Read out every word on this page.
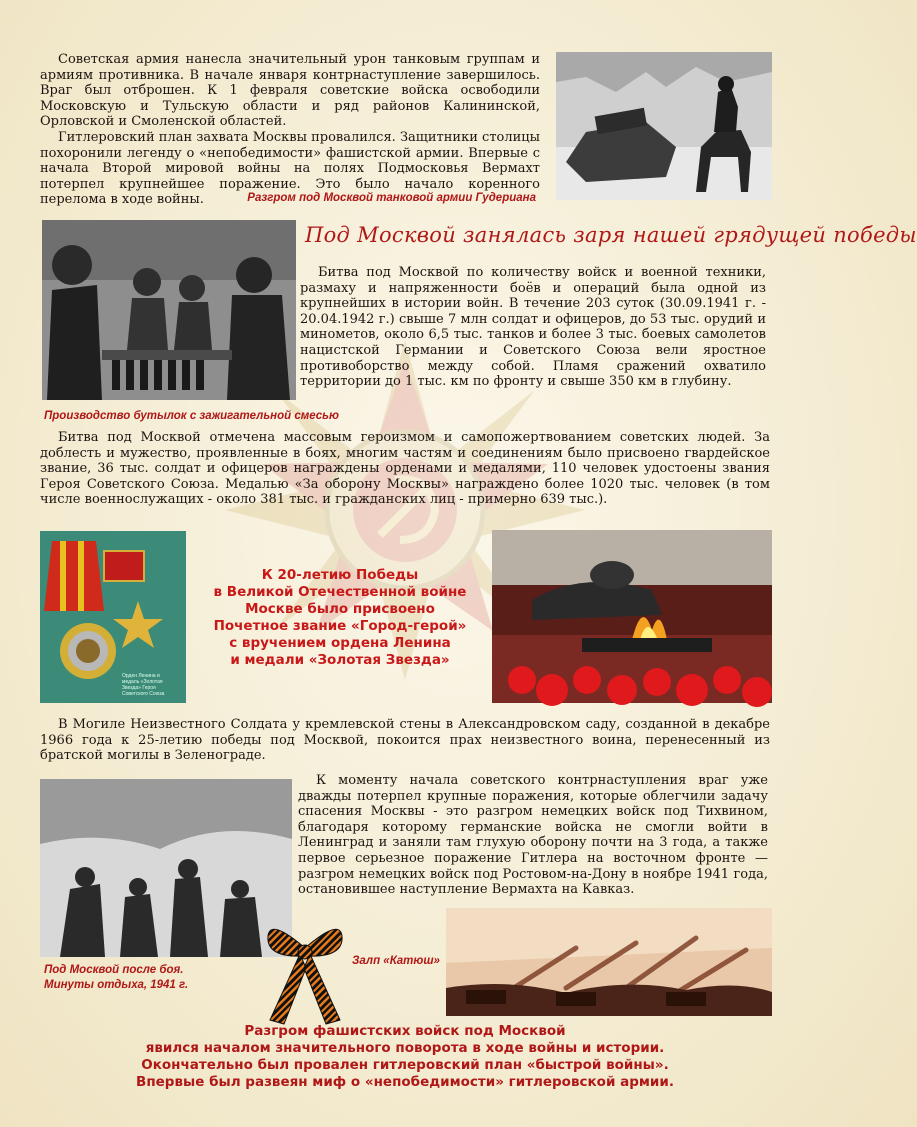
Советская армия нанесла значительный урон танковым группам и армиям противника. В начале января контрнаступление завершилось. Враг был отброшен. К 1 февраля советские войска освободили Московскую и Тульскую области и ряд районов Калининской, Орловской и Смоленской областей.

Гитлеровский план захвата Москвы провалился. Защитники столицы похоронили легенду о «непобедимости» фашистской армии. Впервые с начала Второй мировой войны на полях Подмосковья Вермахт потерпел крупнейшее поражение. Это было начало коренного перелома в ходе войны.	Разгром под Москвой танковой армии Гудериана
Под Москвой занялась заря нашей грядущей победы

Битва под Москвой по количеству войск и военной техники, размаху и напряженности боёв и операций была одной из крупнейших в истории войн. В течение 203 суток (30.09.1941 г. - 20.04.1942 г.) свыше 7 млн солдат и офицеров, до 53 тыс. орудий и минометов, около 6,5 тыс. танков и более 3 тыс. боевых самолетов нацистской Германии и Советского Союза вели яростное противоборство между собой. Пламя сражений охватило территории до 1 тыс. км по фронту и свыше 350 км в глубину.

Производство бутылок с зажигательной смесью

Битва под Москвой отмечена массовым героизмом и самопожертвованием советских людей. За доблесть и мужество, проявленные в боях, многим частям и соединениям было присвоено гвардейское звание, 36 тыс. солдат и офицеров награждены орденами и медалями, 110 человек удостоены звания Героя Советского Союза. Медалью «За оборону Москвы» награждено более 1020 тыс. человек (в том числе военнослужащих - около 381 тыс. и гражданских лиц - примерно 639 тыс.).

Орден Ленина и
медаль «Золотая
Звезда» Героя
Советского Союза
К 20-летию Победы
в Великой Отечественной войне
Москве было присвоено
Почетное звание «Город-герой»
с вручением ордена Ленина
и медали «Золотая Звезда»

В Могиле Неизвестного Солдата у кремлевской стены в Александровском саду, созданной в декабре 1966 года к 25-летию победы под Москвой, покоится прах неизвестного воина, перенесенный из братской могилы в Зеленограде.

К моменту начала советского контрнаступления враг уже дважды потерпел крупные поражения, которые облегчили задачу спасения Москвы - это разгром немецких войск под Тихвином, благодаря которому германские войска не смогли войти в Ленинград и заняли там глухую оборону почти на 3 года, а также первое серьезное поражение Гитлера на восточном фронте — разгром немецких войск под Ростовом-на-Дону в ноябре 1941 года, остановившее наступление Вермахта на Кавказ.

Под Москвой после боя.
Минуты отдыха, 1941 г.
Залп «Катюш»
Разгром фашистских войск под Москвой
явился началом значительного поворота в ходе войны и истории.
Окончательно был провален гитлеровский план «быстрой войны».
Впервые был развеян миф о «непобедимости» гитлеровской армии.
